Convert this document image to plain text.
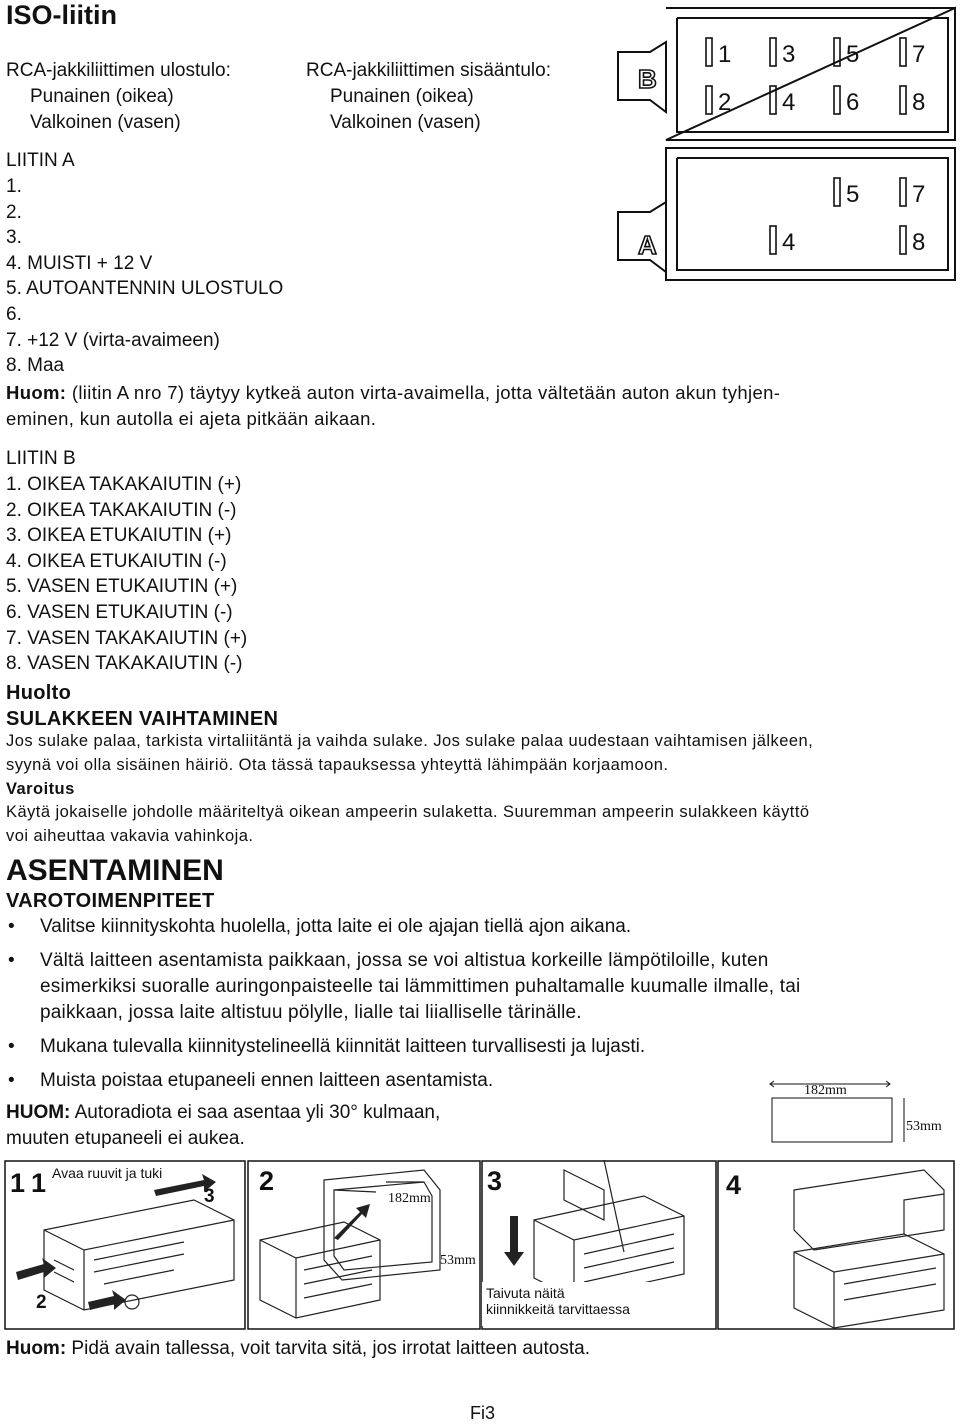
ISO-liitin
RCA-jakkiliittimen ulostulo:
Punainen (oikea)
Valkoinen (vasen)
RCA-jakkiliittimen sisääntulo:
Punainen (oikea)
Valkoinen (vasen)
LIITIN A
1.
2.
3.
4. MUISTI + 12 V
5. AUTOANTENNIN ULOSTULO
6.
7. +12 V (virta-avaimeen)
8. Maa
Huom: (liitin A nro 7) täytyy kytkeä auton virta-avaimella, jotta vältetään auton akun tyhjen-
eminen, kun autolla ei ajeta pitkään aikaan.
LIITIN B
1. OIKEA TAKAKAIUTIN (+)
2. OIKEA TAKAKAIUTIN (-)
3. OIKEA ETUKAIUTIN (+)
4. OIKEA ETUKAIUTIN (-)
5. VASEN ETUKAIUTIN (+)
6. VASEN ETUKAIUTIN (-)
7. VASEN TAKAKAIUTIN (+)
8. VASEN TAKAKAIUTIN (-)
B
A
1 3 5 7
2 4 6 8
5 7
4	8
Huolto
SULAKKEEN VAIHTAMINEN
Jos sulake palaa, tarkista virtaliitäntä ja vaihda sulake. Jos sulake palaa uudestaan vaihtamisen jälkeen,
syynä voi olla sisäinen häiriö. Ota tässä tapauksessa yhteyttä lähimpään korjaamoon.
Varoitus
Käytä jokaiselle johdolle määriteltyä oikean ampeerin sulaketta. Suuremman ampeerin sulakkeen käyttö
voi aiheuttaa vakavia vahinkoja.
ASENTAMINEN
VAROTOIMENPITEET
• Valitse kiinnityskohta huolella, jotta laite ei ole ajajan tiellä ajon aikana.
• Vältä laitteen asentamista paikkaan, jossa se voi altistua korkeille lämpötiloille, kuten
esimerkiksi suoralle auringonpaisteelle tai lämmittimen puhaltamalle kuumalle ilmalle, tai
paikkaan, jossa laite altistuu pölylle, lialle tai liialliselle tärinälle.
• Mukana tulevalla kiinnitystelineellä kiinnität laitteen turvallisesti ja lujasti.
• Muista poistaa etupaneeli ennen laitteen asentamista.
HUOM: Autoradiota ei saa asentaa yli 30° kulmaan,
muuten etupaneeli ei aukea.
182mm
53mm
1 1 Avaa ruuvit ja tuki
3
2
2
182mm
53mm
3
Taivuta näitä
kiinnikkeitä tarvittaessa
4
Huom: Pidä avain tallessa, voit tarvita sitä, jos irrotat laitteen autosta.
Fi3
